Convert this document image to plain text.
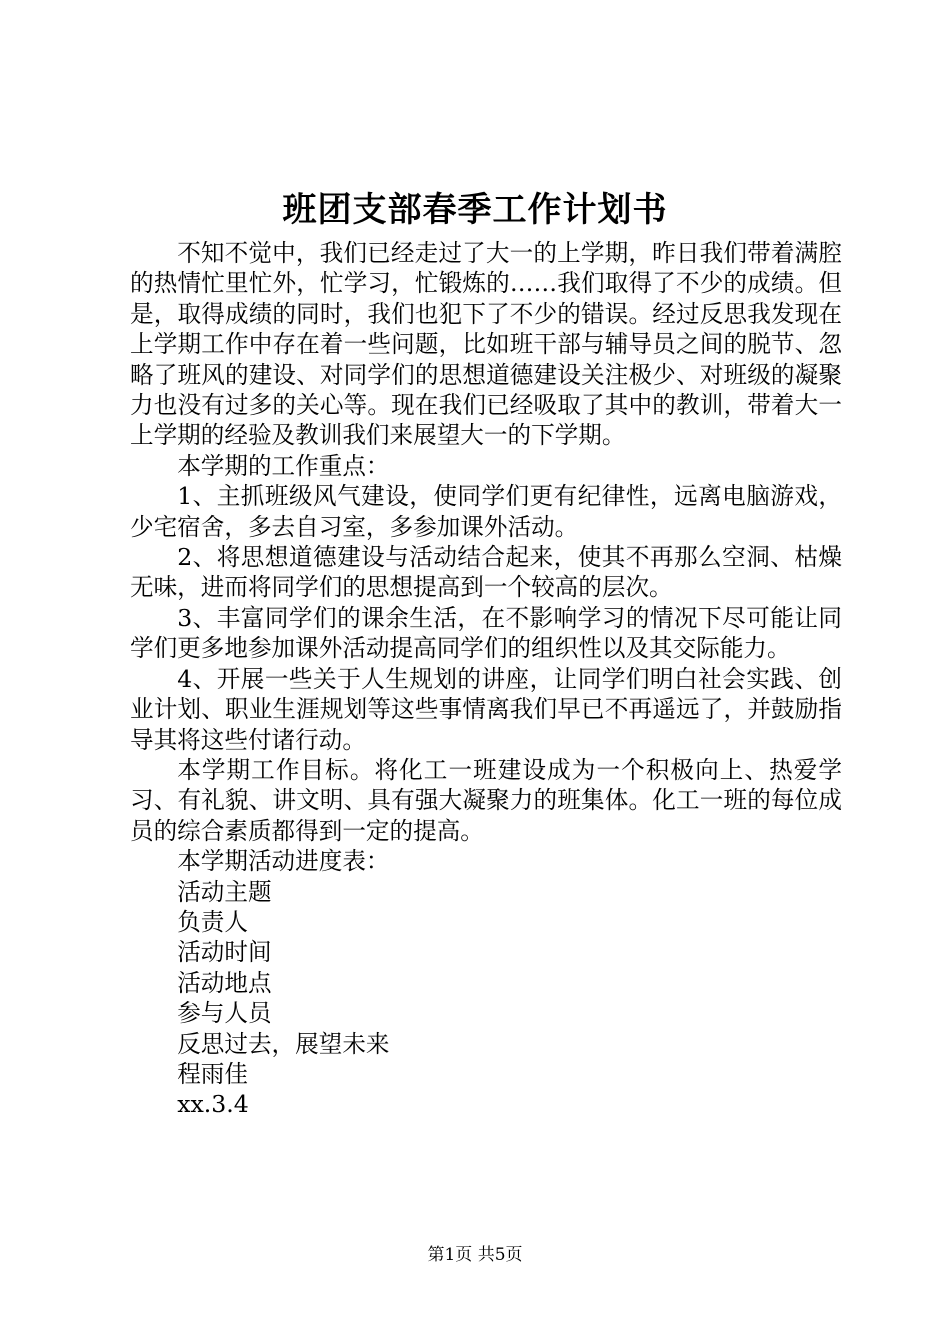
班团支部春季工作计划书

不知不觉中，我们已经走过了大一的上学期，昨日我们带着满腔的热情忙里忙外，忙学习，忙锻炼的……我们取得了不少的成绩。但是，取得成绩的同时，我们也犯下了不少的错误。经过反思我发现在上学期工作中存在着一些问题，比如班干部与辅导员之间的脱节、忽略了班风的建设、对同学们的思想道德建设关注极少、对班级的凝聚力也没有过多的关心等。现在我们已经吸取了其中的教训，带着大一上学期的经验及教训我们来展望大一的下学期。

本学期的工作重点：

1、主抓班级风气建设，使同学们更有纪律性，远离电脑游戏，少宅宿舍，多去自习室，多参加课外活动。

2、将思想道德建设与活动结合起来，使其不再那么空洞、枯燥无味，进而将同学们的思想提高到一个较高的层次。

3、丰富同学们的课余生活，在不影响学习的情况下尽可能让同学们更多地参加课外活动提高同学们的组织性以及其交际能力。

4、开展一些关于人生规划的讲座，让同学们明白社会实践、创业计划、职业生涯规划等这些事情离我们早已不再遥远了，并鼓励指导其将这些付诸行动。

本学期工作目标。将化工一班建设成为一个积极向上、热爱学习、有礼貌、讲文明、具有强大凝聚力的班集体。化工一班的每位成员的综合素质都得到一定的提高。

本学期活动进度表：

活动主题

负责人

活动时间

活动地点

参与人员

反思过去，展望未来

程雨佳

xx.3.4

第1页 共5页
